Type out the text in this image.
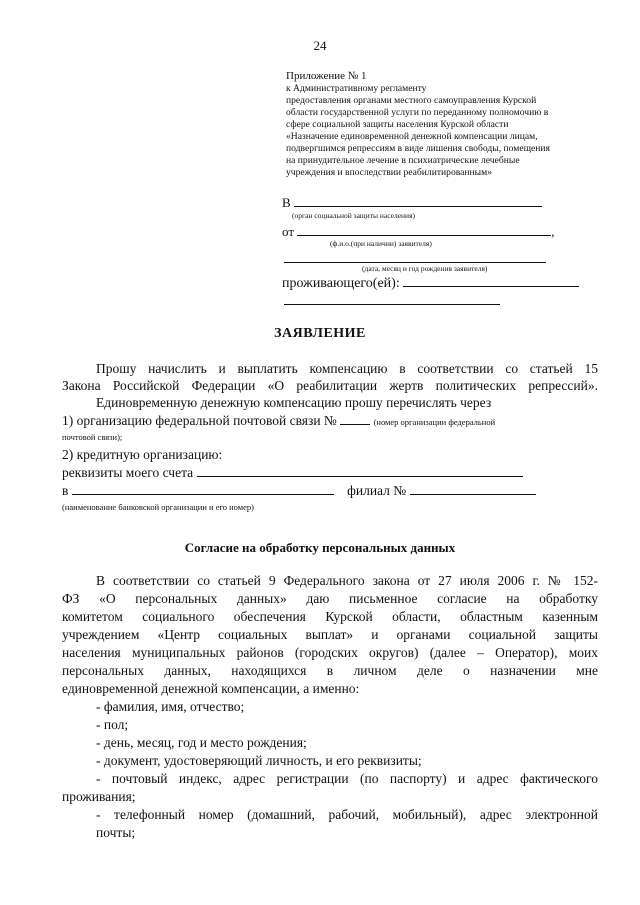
24
Приложение № 1
к Административному регламенту
предоставления органами местного самоуправления Курской
области государственной услуги по переданному полномочию в
сфере социальной защиты населения Курской области
«Назначение единовременной денежной компенсации лицам,
подвергшимся репрессиям в виде лишения свободы, помещения
на принудительное лечение в психиатрические лечебные
учреждения и впоследствии реабилитированным»
В
(орган социальной защиты населения)
от	,
(ф.и.о.(при наличии) заявителя)
(дата, месяц и год рождения заявителя)
проживающего(ей):
ЗАЯВЛЕНИЕ
Прошу начислить и выплатить компенсацию в соответствии со статьей 15
Закона Российской Федерации «О реабилитации жертв политических репрессий».
Единовременную денежную компенсацию прошу перечислять через
1) организацию федеральной почтовой связи №	(номер организации федеральной
почтовой связи);
2) кредитную организацию:
реквизиты моего счета
в	филиал №
(наименование банковской организации и его номер)
Согласие на обработку персональных данных
В соответствии со статьей 9 Федерального закона от 27 июля 2006 г. № 152-
ФЗ «О персональных данных» даю письменное согласие на обработку
комитетом социального обеспечения Курской области, областным казенным
учреждением «Центр социальных выплат» и органами социальной защиты
населения муниципальных районов (городских округов) (далее – Оператор), моих
персональных данных, находящихся в личном деле о назначении мне
единовременной денежной компенсации, а именно:
- фамилия, имя, отчество;
- пол;
- день, месяц, год и место рождения;
- документ, удостоверяющий личность, и его реквизиты;
- почтовый индекс, адрес регистрации (по паспорту) и адрес фактического
проживания;
- телефонный номер (домашний, рабочий, мобильный), адрес электронной
почты;
